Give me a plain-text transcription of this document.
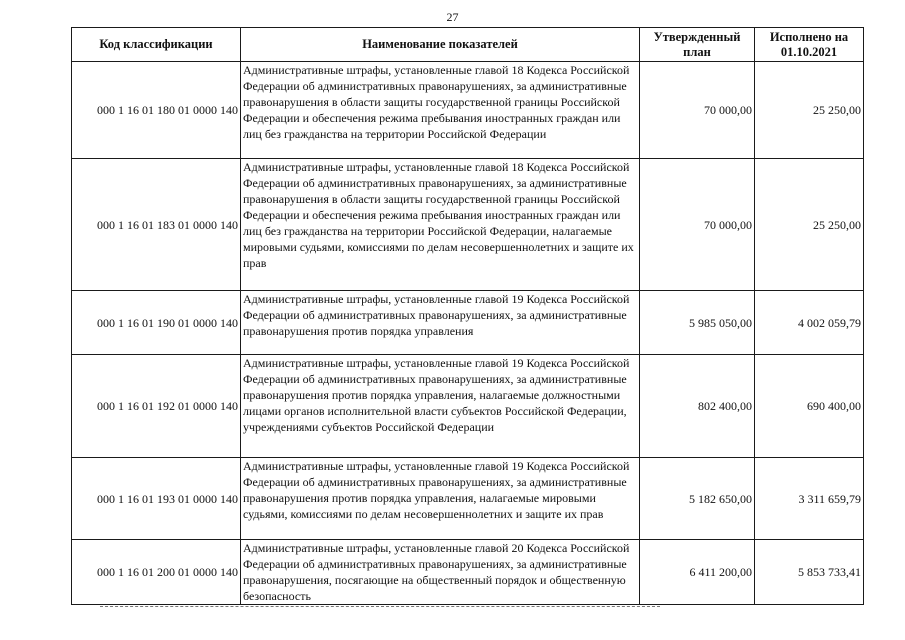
27
Код классификации	Наименование показателей	Утвержденный план	Исполнено на 01.10.2021
000 1 16 01 180 01 0000 140	Административные штрафы, установленные главой 18 Кодекса Российской Федерации об административных правонарушениях, за административные правонарушения в области защиты государственной границы Российской Федерации и обеспечения режима пребывания иностранных граждан или лиц без гражданства на территории Российской Федерации	70 000,00	25 250,00
000 1 16 01 183 01 0000 140	Административные штрафы, установленные главой 18 Кодекса Российской Федерации об административных правонарушениях, за административные правонарушения в области защиты государственной границы Российской Федерации и обеспечения режима пребывания иностранных граждан или лиц без гражданства на территории Российской Федерации, налагаемые мировыми судьями, комиссиями по делам несовершеннолетних и защите их прав	70 000,00	25 250,00
000 1 16 01 190 01 0000 140	Административные штрафы, установленные главой 19 Кодекса Российской Федерации об административных правонарушениях, за административные правонарушения против порядка управления	5 985 050,00	4 002 059,79
000 1 16 01 192 01 0000 140	Административные штрафы, установленные главой 19 Кодекса Российской Федерации об административных правонарушениях, за административные правонарушения против порядка управления, налагаемые должностными лицами органов исполнительной власти субъектов Российской Федерации, учреждениями субъектов Российской Федерации	802 400,00	690 400,00
000 1 16 01 193 01 0000 140	Административные штрафы, установленные главой 19 Кодекса Российской Федерации об административных правонарушениях, за административные правонарушения против порядка управления, налагаемые мировыми судьями, комиссиями по делам несовершеннолетних и защите их прав	5 182 650,00	3 311 659,79
000 1 16 01 200 01 0000 140	Административные штрафы, установленные главой 20 Кодекса Российской Федерации об административных правонарушениях, за административные правонарушения, посягающие на общественный порядок и общественную безопасность	6 411 200,00	5 853 733,41
